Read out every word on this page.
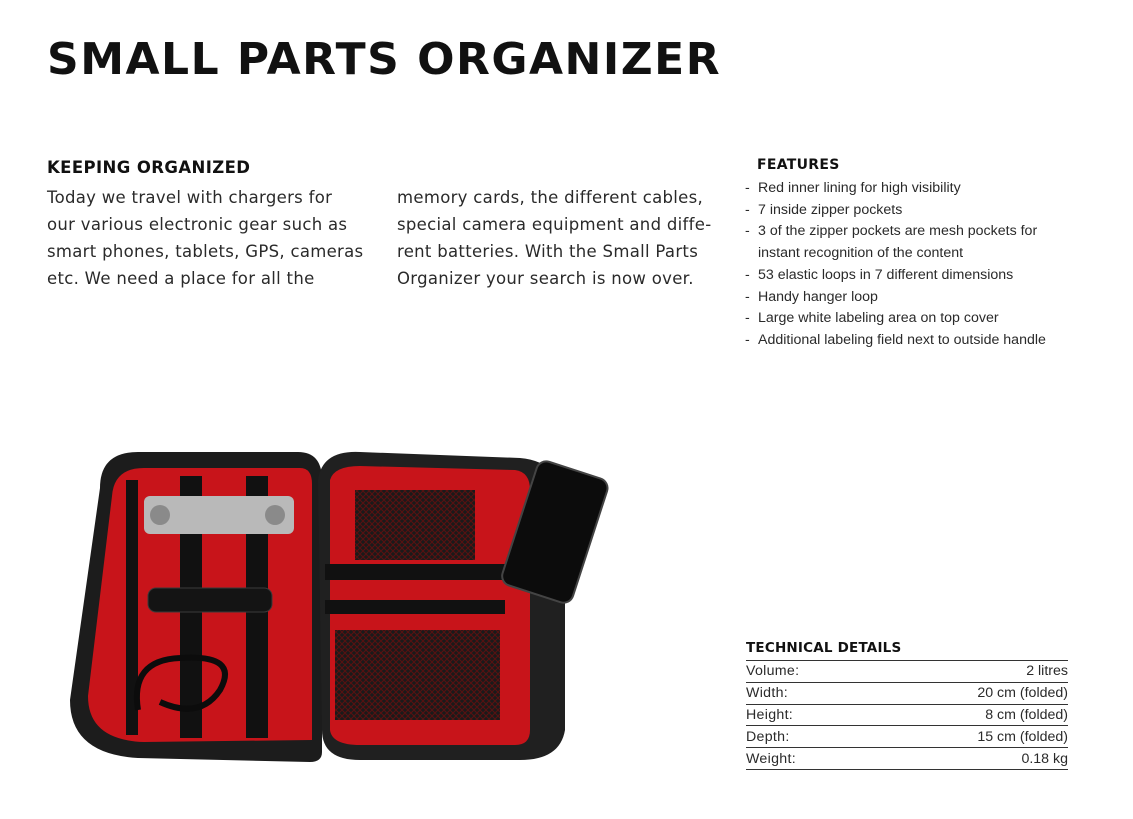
SMALL PARTS ORGANIZER
KEEPING ORGANIZED

Today we travel with chargers for
our various electronic gear such as
smart phones, tablets, GPS, cameras
etc. We need a place for all the

memory cards, the different cables,
special camera equipment and diffe-
rent batteries. With the Small Parts
Organizer your search is now over.

FEATURES
- Red inner lining for high visibility
- 7 inside zipper pockets
- 3 of the zipper pockets are mesh pockets for
instant recognition of the content
- 53 elastic loops in 7 different dimensions
- Handy hanger loop
- Large white labeling area on top cover
- Additional labeling field next to outside handle
TECHNICAL DETAILS
Volume:	2 litres
Width:	20 cm (folded)
Height:	8 cm (folded)
Depth:	15 cm (folded)
Weight:	0.18 kg
